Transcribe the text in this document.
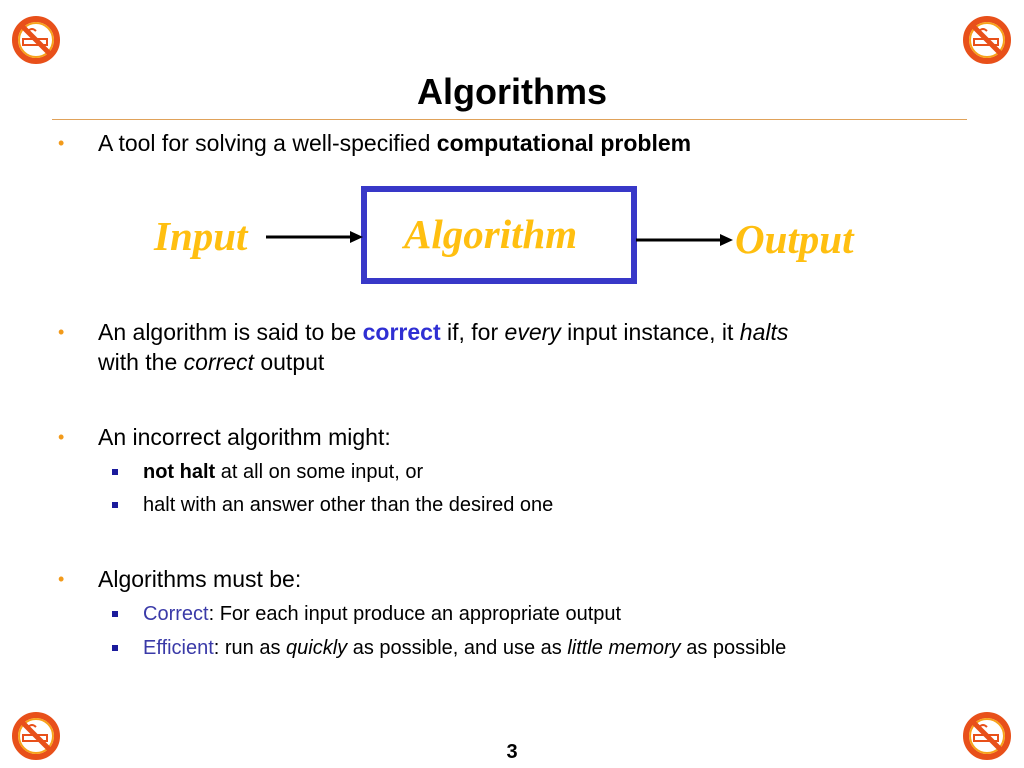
Algorithms
• A tool for solving a well-specified computational problem
Input	Algorithm	Output
• An algorithm is said to be correct if, for every input instance, it halts
with the correct output
• An incorrect algorithm might:
not halt at all on some input, or
halt with an answer other than the desired one
• Algorithms must be:
Correct: For each input produce an appropriate output
Efficient: run as quickly as possible, and use as little memory as possible
3
